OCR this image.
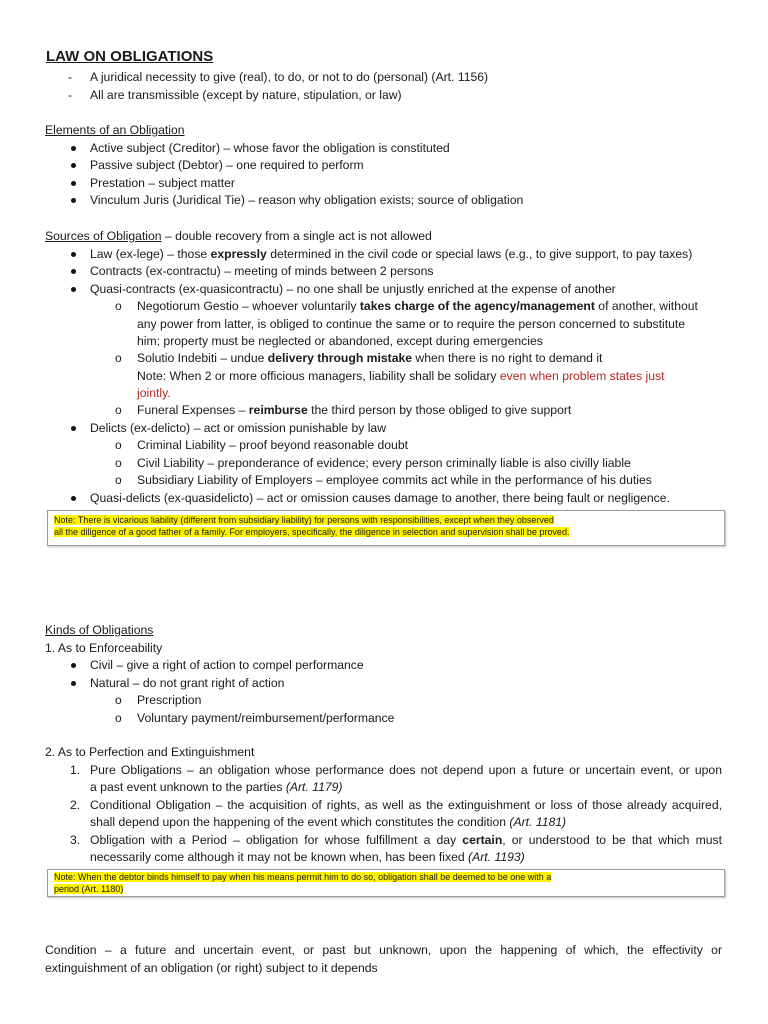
LAW ON OBLIGATIONS
- A juridical necessity to give (real), to do, or not to do (personal) (Art. 1156)
- All are transmissible (except by nature, stipulation, or law)
Elements of an Obligation
Active subject (Creditor) – whose favor the obligation is constituted
Passive subject (Debtor) – one required to perform
Prestation – subject matter
Vinculum Juris (Juridical Tie) – reason why obligation exists; source of obligation
Sources of Obligation – double recovery from a single act is not allowed
Law (ex-lege) – those expressly determined in the civil code or special laws (e.g., to give support, to pay taxes)
Contracts (ex-contractu) – meeting of minds between 2 persons
Quasi-contracts (ex-quasicontractu) – no one shall be unjustly enriched at the expense of another
o Negotiorum Gestio – whoever voluntarily takes charge of the agency/management of another, without
any power from latter, is obliged to continue the same or to require the person concerned to substitute
him; property must be neglected or abandoned, except during emergencies
o Solutio Indebiti – undue delivery through mistake when there is no right to demand it
Note: When 2 or more officious managers, liability shall be solidary even when problem states just
jointly.
o Funeral Expenses – reimburse the third person by those obliged to give support
Delicts (ex-delicto) – act or omission punishable by law
o Criminal Liability – proof beyond reasonable doubt
o Civil Liability – preponderance of evidence; every person criminally liable is also civilly liable
o Subsidiary Liability of Employers – employee commits act while in the performance of his duties
Quasi-delicts (ex-quasidelicto) – act or omission causes damage to another, there being fault or negligence.
Note: There is vicarious liability (different from subsidiary liability) for persons with responsibilities, except when they observed
all the diligence of a good father of a family. For employers, specifically, the diligence in selection and supervision shall be proved.
Kinds of Obligations
1. As to Enforceability
Civil – give a right of action to compel performance
Natural – do not grant right of action
o Prescription
o Voluntary payment/reimbursement/performance
2. As to Perfection and Extinguishment
1. Pure Obligations – an obligation whose performance does not depend upon a future or uncertain event, or upon
a past event unknown to the parties (Art. 1179)
2. Conditional Obligation – the acquisition of rights, as well as the extinguishment or loss of those already acquired,
shall depend upon the happening of the event which constitutes the condition (Art. 1181)
3. Obligation with a Period – obligation for whose fulfillment a day certain, or understood to be that which must
necessarily come although it may not be known when, has been fixed (Art. 1193)
Note: When the debtor binds himself to pay when his means permit him to do so, obligation shall be deemed to be one with a
period (Art. 1180)
Condition – a future and uncertain event, or past but unknown, upon the happening of which, the effectivity or
extinguishment of an obligation (or right) subject to it depends
